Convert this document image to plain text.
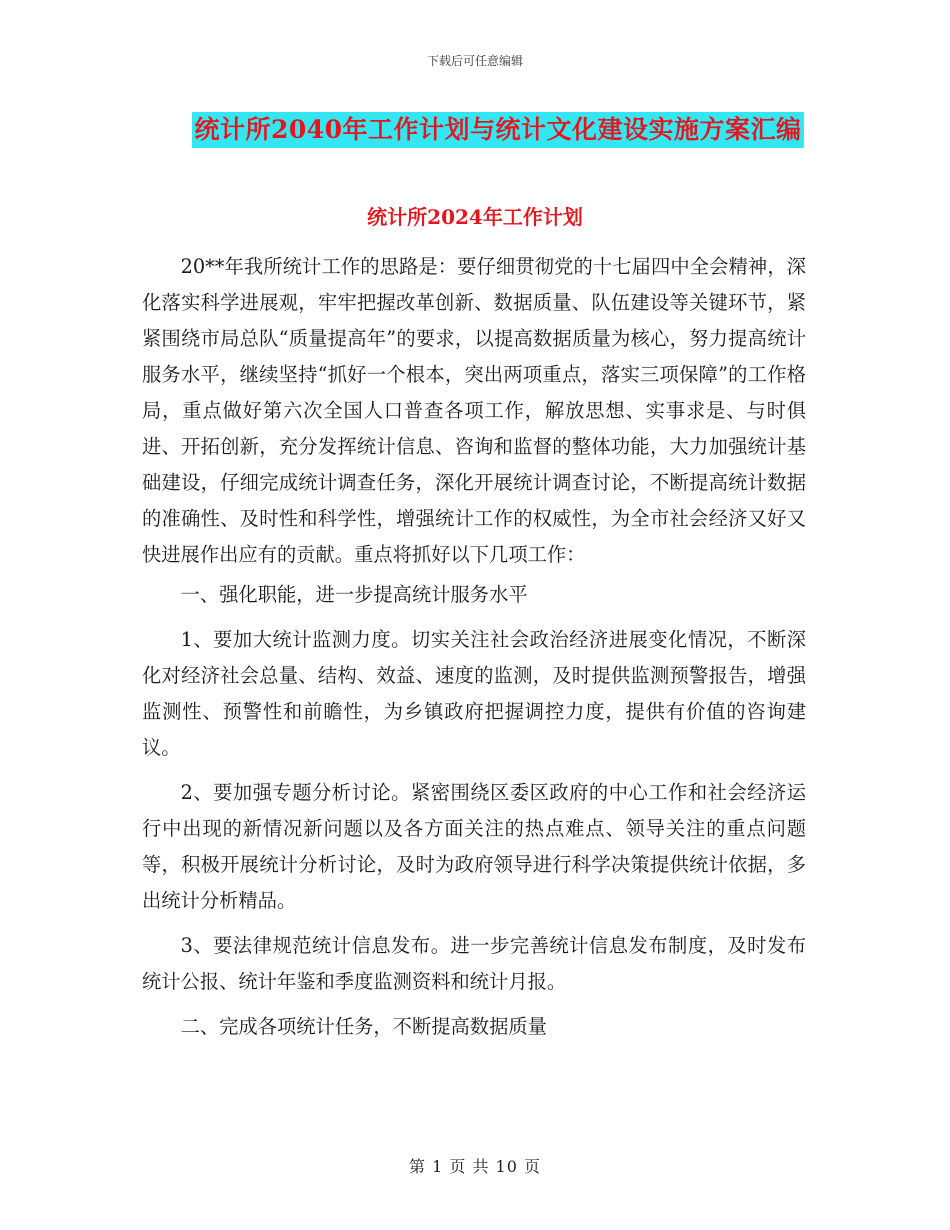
下载后可任意编辑
统计所2040年工作计划与统计文化建设实施方案汇编
统计所2024年工作计划

20**年我所统计工作的思路是：要仔细贯彻党的十七届四中全会精神，深化落实科学进展观，牢牢把握改革创新、数据质量、队伍建设等关键环节，紧紧围绕市局总队“质量提高年”的要求，以提高数据质量为核心，努力提高统计服务水平，继续坚持“抓好一个根本，突出两项重点，落实三项保障”的工作格局，重点做好第六次全国人口普查各项工作，解放思想、实事求是、与时俱进、开拓创新，充分发挥统计信息、咨询和监督的整体功能，大力加强统计基础建设，仔细完成统计调查任务，深化开展统计调查讨论，不断提高统计数据的准确性、及时性和科学性，增强统计工作的权威性，为全市社会经济又好又快进展作出应有的贡献。重点将抓好以下几项工作：

一、强化职能，进一步提高统计服务水平

1、要加大统计监测力度。切实关注社会政治经济进展变化情况，不断深化对经济社会总量、结构、效益、速度的监测，及时提供监测预警报告，增强监测性、预警性和前瞻性，为乡镇政府把握调控力度，提供有价值的咨询建议。

2、要加强专题分析讨论。紧密围绕区委区政府的中心工作和社会经济运行中出现的新情况新问题以及各方面关注的热点难点、领导关注的重点问题等，积极开展统计分析讨论，及时为政府领导进行科学决策提供统计依据，多出统计分析精品。

3、要法律规范统计信息发布。进一步完善统计信息发布制度，及时发布统计公报、统计年鉴和季度监测资料和统计月报。

二、完成各项统计任务，不断提高数据质量

第 1 页 共 10 页
